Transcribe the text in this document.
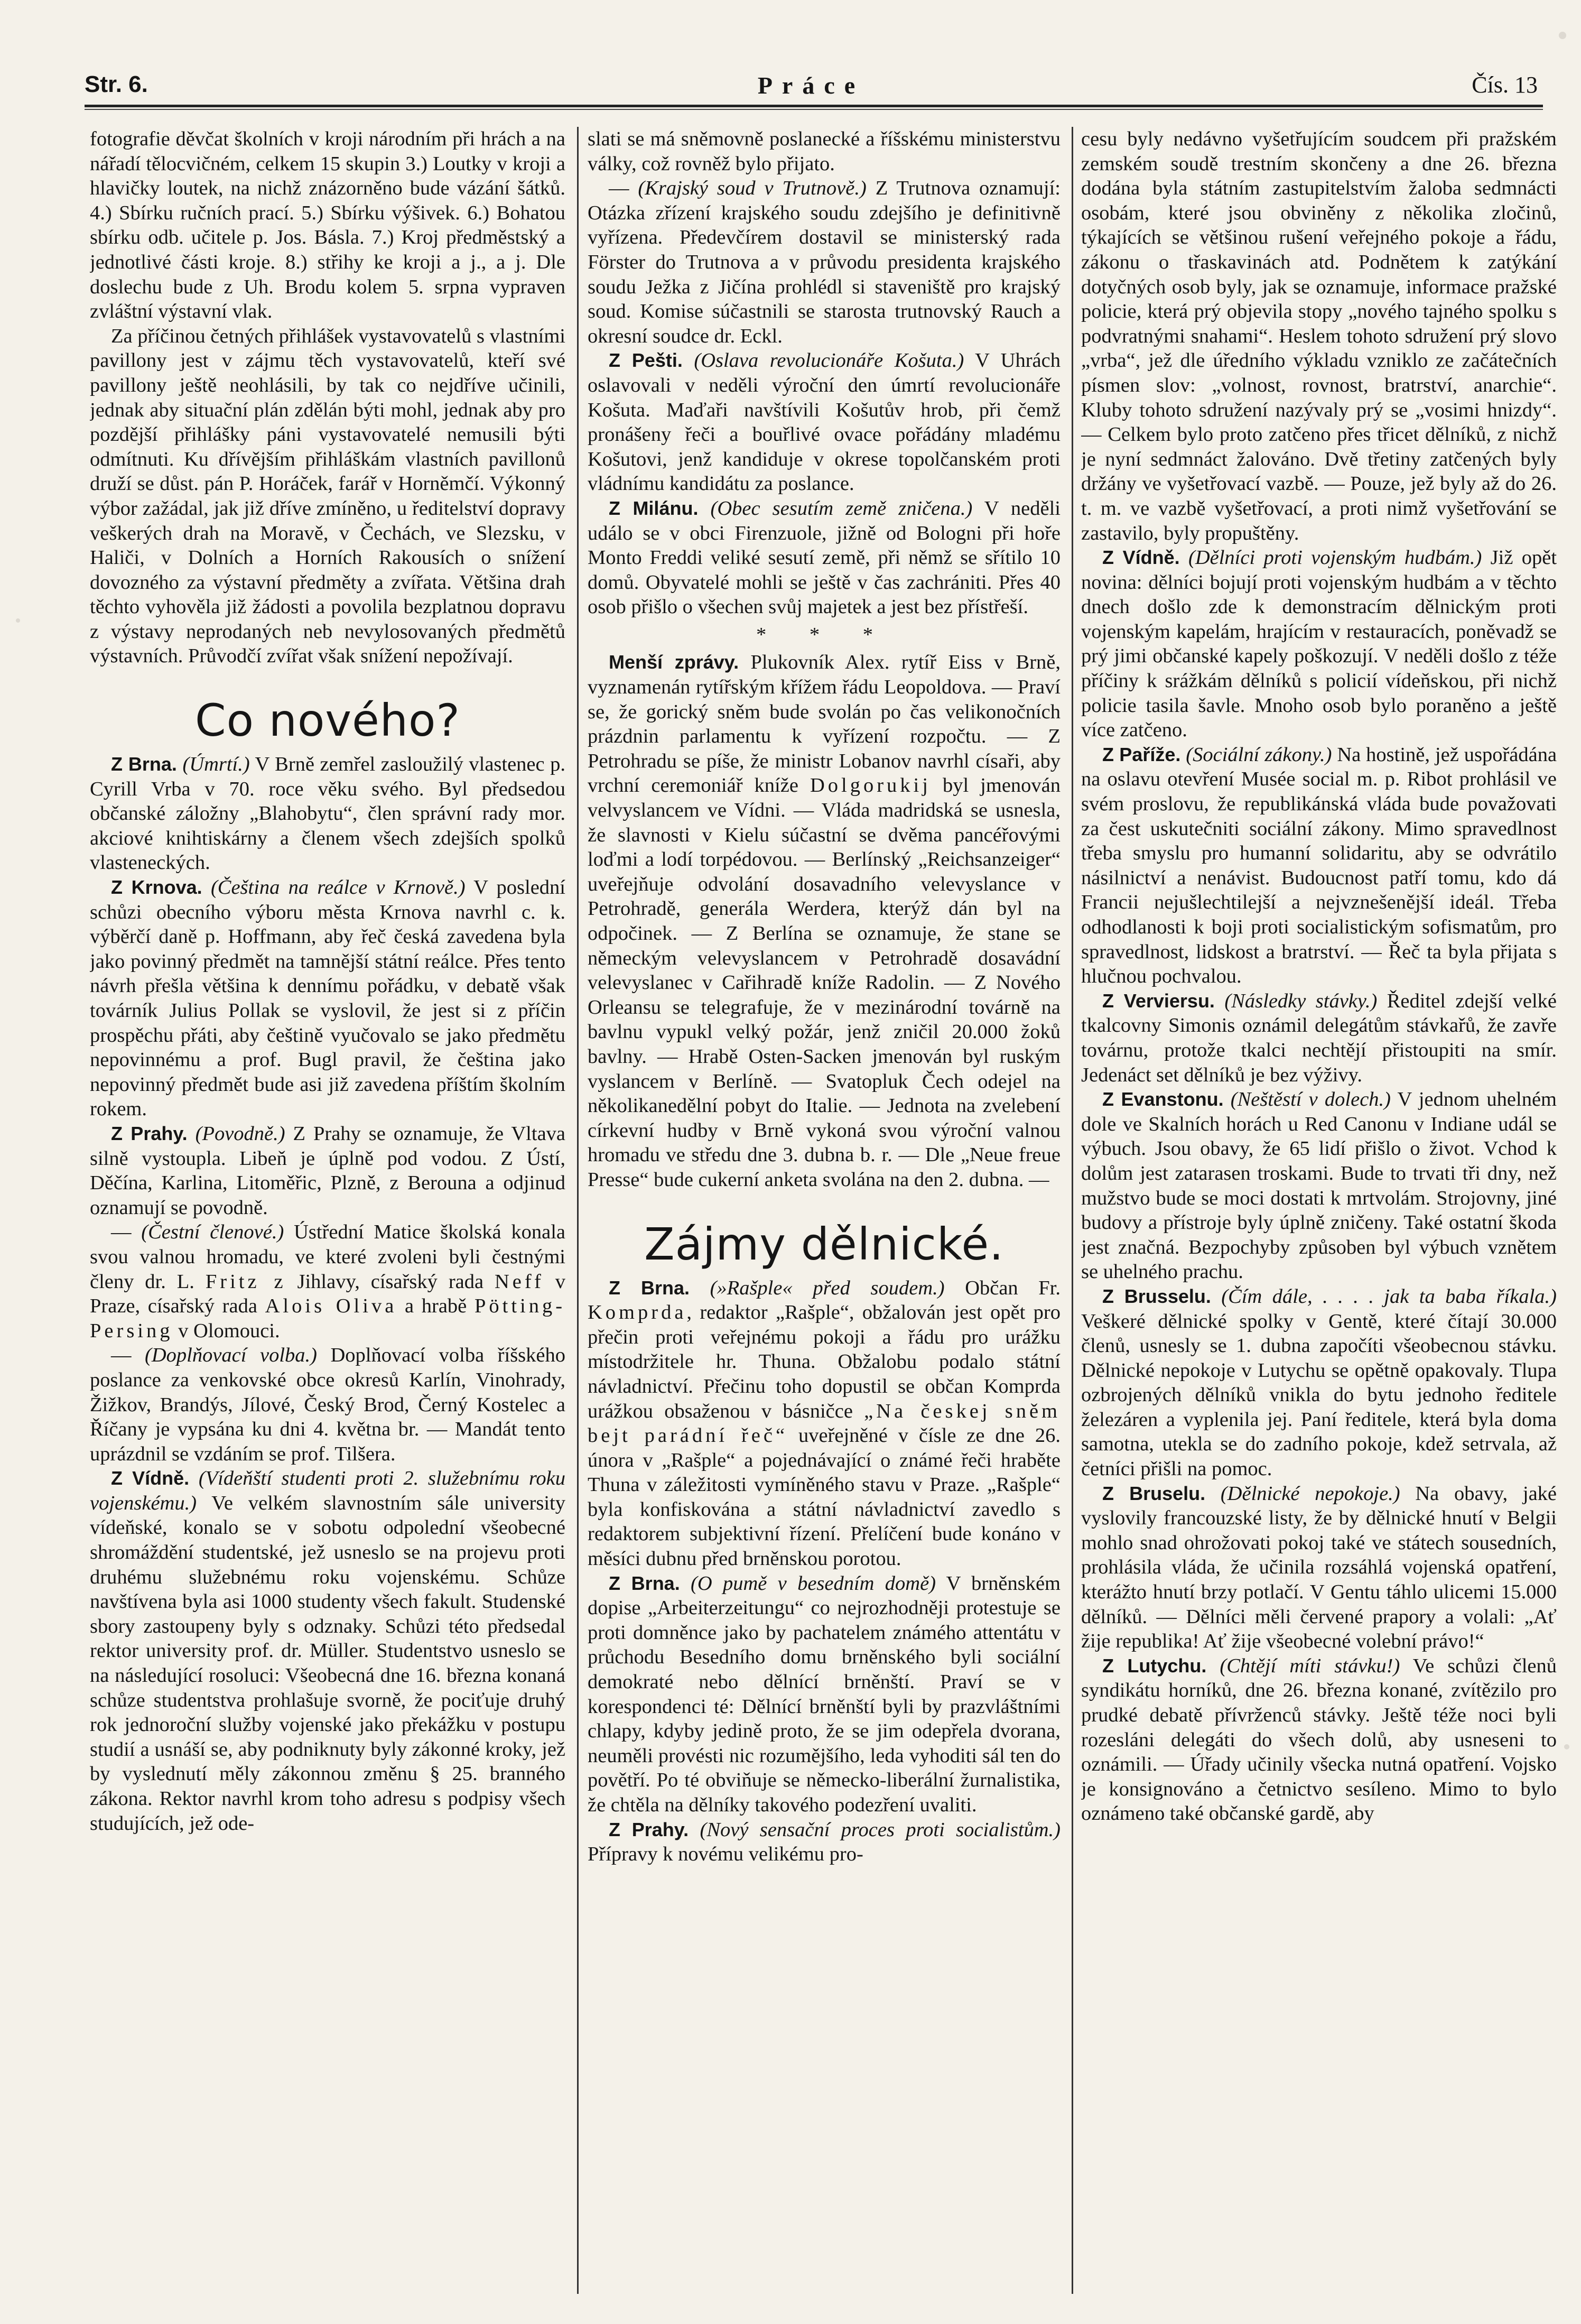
Str. 6.	Práce	Čís. 13

fotografie děvčat školních v kroji národním při hrách a na nářadí tělocvičném, celkem 15 skupin 3.) Loutky v kroji a hlavičky loutek, na nichž znázorněno bude vázání šátků. 4.) Sbírku ručních prací. 5.) Sbírku výšivek. 6.) Bohatou sbírku odb. učitele p. Jos. Básla. 7.) Kroj předměstský a jednotlivé části kroje. 8.) střihy ke kroji a j., a j. Dle doslechu bude z Uh. Brodu kolem 5. srpna vypraven zvláštní výstavní vlak.

Za příčinou četných přihlášek vystavovatelů s vlastními pavillony jest v zájmu těch vystavovatelů, kteří své pavillony ještě neohlásili, by tak co nejdříve učinili, jednak aby situační plán zdělán býti mohl, jednak aby pro pozdější přihlášky páni vystavovatelé nemusili býti odmítnuti. Ku dřívějším přihláškám vlastních pavillonů druží se důst. pán P. Horáček, farář v Horněmčí. Výkonný výbor zažádal, jak již dříve zmíněno, u ředitelství dopravy veškerých drah na Moravě, v Čechách, ve Slezsku, v Haliči, v Dolních a Horních Rakousích o snížení dovozného za výstavní předměty a zvířata. Většina drah těchto vyhověla již žádosti a povolila bezplatnou dopravu z výstavy neprodaných neb nevylosovaných předmětů výstavních. Průvodčí zvířat však snížení nepožívají.

Co nového?

Z Brna. (Úmrtí.) V Brně zemřel zasloužilý vlastenec p. Cyrill Vrba v 70. roce věku svého. Byl předsedou občanské záložny „Blahobytu“, člen správní rady mor. akciové knihtiskárny a členem všech zdejších spolků vlasteneckých.

Z Krnova. (Čeština na reálce v Krnově.) V poslední schůzi obecního výboru města Krnova navrhl c. k. výběrčí daně p. Hoffmann, aby řeč česká zavedena byla jako povinný předmět na tamnější státní reálce. Přes tento návrh přešla většina k dennímu pořádku, v debatě však továrník Julius Pollak se vyslovil, že jest si z příčin prospěchu přáti, aby češtině vyučovalo se jako předmětu nepovinnému a prof. Bugl pravil, že čeština jako nepovinný předmět bude asi již zavedena příštím školním rokem.

Z Prahy. (Povodně.) Z Prahy se oznamuje, že Vltava silně vystoupla. Libeň je úplně pod vodou. Z Ústí, Děčína, Karlina, Litoměřic, Plzně, z Berouna a odjinud oznamují se povodně.

— (Čestní členové.) Ústřední Matice školská konala svou valnou hromadu, ve které zvoleni byli čestnými členy dr. L. Fritz z Jihlavy, císařský rada Neff v Praze, císařský rada Alois Oliva a hrabě Pötting-Persing v Olomouci.

— (Doplňovací volba.) Doplňovací volba říšského poslance za venkovské obce okresů Karlín, Vinohrady, Žižkov, Brandýs, Jílové, Český Brod, Černý Kostelec a Říčany je vypsána ku dni 4. května br. — Mandát tento uprázdnil se vzdáním se prof. Tilšera.

Z Vídně. (Vídeňští studenti proti 2. služebnímu roku vojenskému.) Ve velkém slavnostním sále university vídeňské, konalo se v sobotu odpolední všeobecné shromáždění studentské, jež usneslo se na projevu proti druhému služebnému roku vojenskému. Schůze navštívena byla asi 1000 studenty všech fakult. Studenské sbory zastoupeny byly s odznaky. Schůzi této předsedal rektor university prof. dr. Müller. Studentstvo usneslo se na následující rosoluci: Všeobecná dne 16. března konaná schůze studentstva prohlašuje svorně, že pociťuje druhý rok jednoroční služby vojenské jako překážku v postupu studií a usnáší se, aby podniknuty byly zákonné kroky, jež by vyslednutí měly zákonnou změnu § 25. branného zákona. Rektor navrhl krom toho adresu s podpisy všech studujících, jež ode-

slati se má sněmovně poslanecké a říšskému ministerstvu války, což rovněž bylo přijato.

— (Krajský soud v Trutnově.) Z Trutnova oznamují: Otázka zřízení krajského soudu zdejšího je definitivně vyřízena. Předevčírem dostavil se ministerský rada Förster do Trutnova a v průvodu presidenta krajského soudu Ježka z Jičína prohlédl si staveniště pro krajský soud. Komise súčastnili se starosta trutnovský Rauch a okresní soudce dr. Eckl.

Z Pešti. (Oslava revolucionáře Košuta.) V Uhrách oslavovali v neděli výroční den úmrtí revolucionáře Košuta. Maďaři navštívili Košutův hrob, při čemž pronášeny řeči a bouřlivé ovace pořádány mladému Košutovi, jenž kandiduje v okrese topolčanském proti vládnímu kandidátu za poslance.

Z Milánu. (Obec sesutím země zničena.) V neděli událo se v obci Firenzuole, jižně od Bologni při hoře Monto Freddi veliké sesutí země, při němž se sřítilo 10 domů. Obyvatelé mohli se ještě v čas zachrániti. Přes 40 osob přišlo o všechen svůj majetek a jest bez přístřeší.

* * *

Menší zprávy. Plukovník Alex. rytíř Eiss v Brně, vyznamenán rytířským křížem řádu Leopoldova. — Praví se, že gorický sněm bude svolán po čas velikonočních prázdnin parlamentu k vyřízení rozpočtu. — Z Petrohradu se píše, že ministr Lobanov navrhl císaři, aby vrchní ceremoniář kníže Dolgorukij byl jmenován velvyslancem ve Vídni. — Vláda madridská se usnesla, že slavnosti v Kielu súčastní se dvěma pancéřovými loďmi a lodí torpédovou. — Berlínský „Reichsanzeiger“ uveřejňuje odvolání dosavadního velevyslance v Petrohradě, generála Werdera, kterýž dán byl na odpočinek. — Z Berlína se oznamuje, že stane se německým velevyslancem v Petrohradě dosavádní velevyslanec v Cařihradě kníže Radolin. — Z Nového Orleansu se telegrafuje, že v mezinárodní továrně na bavlnu vypukl velký požár, jenž zničil 20.000 žoků bavlny. — Hrabě Osten-Sacken jmenován byl ruským vyslancem v Berlíně. — Svatopluk Čech odejel na několikanedělní pobyt do Italie. — Jednota na zvelebení církevní hudby v Brně vykoná svou výroční valnou hromadu ve středu dne 3. dubna b. r. — Dle „Neue freue Presse“ bude cukerní anketa svolána na den 2. dubna. —

Zájmy dělnické.

Z Brna. (»Rašple« před soudem.) Občan Fr. Komprda, redaktor „Rašple“, obžalován jest opět pro přečin proti veřejnému pokoji a řádu pro urážku místodržitele hr. Thuna. Obžalobu podalo státní návladnictví. Přečinu toho dopustil se občan Komprda urážkou obsaženou v básničce „Na českej sněm bejt parádní řeč“ uveřejněné v čísle ze dne 26. února v „Rašple“ a pojednávající o známé řeči hraběte Thuna v záležitosti vymíněného stavu v Praze. „Rašple“ byla konfiskována a státní návladnictví zavedlo s redaktorem subjektivní řízení. Přelíčení bude konáno v měsíci dubnu před brněnskou porotou.

Z Brna. (O pumě v besedním domě) V brněnském dopise „Arbeiterzeitungu“ co nejrozhodněji protestuje se proti domněnce jako by pachatelem známého attentátu v průchodu Besedního domu brněnského byli sociální demokraté nebo dělnící brněnští. Praví se v korespondenci té: Dělnící brněnští byli by prazvláštními chlapy, kdyby jedině proto, že se jim odepřela dvorana, neuměli provésti nic rozumějšího, leda vyhoditi sál ten do povětří. Po té obviňuje se německo-liberální žurnalistika, že chtěla na dělníky takového podezření uvaliti.

Z Prahy. (Nový sensační proces proti socialistům.) Přípravy k novému velikému pro-

cesu byly nedávno vyšetřujícím soudcem při pražském zemském soudě trestním skončeny a dne 26. března dodána byla státním zastupitelstvím žaloba sedmnácti osobám, které jsou obviněny z několika zločinů, týkajících se většinou rušení veřejného pokoje a řádu, zákonu o třaskavinách atd. Podnětem k zatýkání dotyčných osob byly, jak se oznamuje, informace pražské policie, která prý objevila stopy „nového tajného spolku s podvratnými snahami“. Heslem tohoto sdružení prý slovo „vrba“, jež dle úředního výkladu vzniklo ze začátečních písmen slov: „volnost, rovnost, bratrství, anarchie“. Kluby tohoto sdružení nazývaly prý se „vosimi hnizdy“. — Celkem bylo proto zatčeno přes třicet dělníků, z nichž je nyní sedmnáct žalováno. Dvě třetiny zatčených byly držány ve vyšetřovací vazbě. — Pouze, jež byly až do 26. t. m. ve vazbě vyšetřovací, a proti nimž vyšetřování se zastavilo, byly propuštěny.

Z Vídně. (Dělníci proti vojenským hudbám.) Již opět novina: dělníci bojují proti vojenským hudbám a v těchto dnech došlo zde k demonstracím dělnickým proti vojenským kapelám, hrajícím v restauracích, poněvadž se prý jimi občanské kapely poškozují. V neděli došlo z téže příčiny k srážkám dělníků s policií vídeňskou, při nichž policie tasila šavle. Mnoho osob bylo poraněno a ještě více zatčeno.

Z Paříže. (Sociální zákony.) Na hostině, jež uspořádána na oslavu otevření Musée social m. p. Ribot prohlásil ve svém proslovu, že republikánská vláda bude považovati za čest uskutečniti sociální zákony. Mimo spravedlnost třeba smyslu pro humanní solidaritu, aby se odvrátilo násilnictví a nenávist. Budoucnost patří tomu, kdo dá Francii nejušlechtilejší a nejvznešenější ideál. Třeba odhodlanosti k boji proti socialistickým sofismatům, pro spravedlnost, lidskost a bratrství. — Řeč ta byla přijata s hlučnou pochvalou.

Z Verviersu. (Následky stávky.) Ředitel zdejší velké tkalcovny Simonis oznámil delegátům stávkařů, že zavře továrnu, protože tkalci nechtějí přistoupiti na smír. Jedenáct set dělníků je bez výživy.

Z Evanstonu. (Neštěstí v dolech.) V jednom uhelném dole ve Skalních horách u Red Canonu v Indiane udál se výbuch. Jsou obavy, že 65 lidí přišlo o život. Vchod k dolům jest zatarasen troskami. Bude to trvati tři dny, než mužstvo bude se moci dostati k mrtvolám. Strojovny, jiné budovy a přístroje byly úplně zničeny. Také ostatní škoda jest značná. Bezpochyby způsoben byl výbuch vznětem se uhelného prachu.

Z Brusselu. (Čím dále, . . . . jak ta baba říkala.) Veškeré dělnické spolky v Gentě, které čítají 30.000 členů, usnesly se 1. dubna započíti všeobecnou stávku. Dělnické nepokoje v Lutychu se opětně opakovaly. Tlupa ozbrojených dělníků vnikla do bytu jednoho ředitele železáren a vyplenila jej. Paní ředitele, která byla doma samotna, utekla se do zadního pokoje, kdež setrvala, až četníci přišli na pomoc.

Z Bruselu. (Dělnické nepokoje.) Na obavy, jaké vyslovily francouzské listy, že by dělnické hnutí v Belgii mohlo snad ohrožovati pokoj také ve státech sousedních, prohlásila vláda, že učinila rozsáhlá vojenská opatření, kterážto hnutí brzy potlačí. V Gentu táhlo ulicemi 15.000 dělníků. — Dělníci měli červené prapory a volali: „Ať žije republika! Ať žije všeobecné volební právo!“

Z Lutychu. (Chtějí míti stávku!) Ve schůzi členů syndikátu horníků, dne 26. března konané, zvítězilo pro prudké debatě přívrženců stávky. Ještě téže noci byli rozesláni delegáti do všech dolů, aby usneseni to oznámili. — Úřady učinily všecka nutná opatření. Vojsko je konsignováno a četnictvo sesíleno. Mimo to bylo oznámeno také občanské gardě, aby
